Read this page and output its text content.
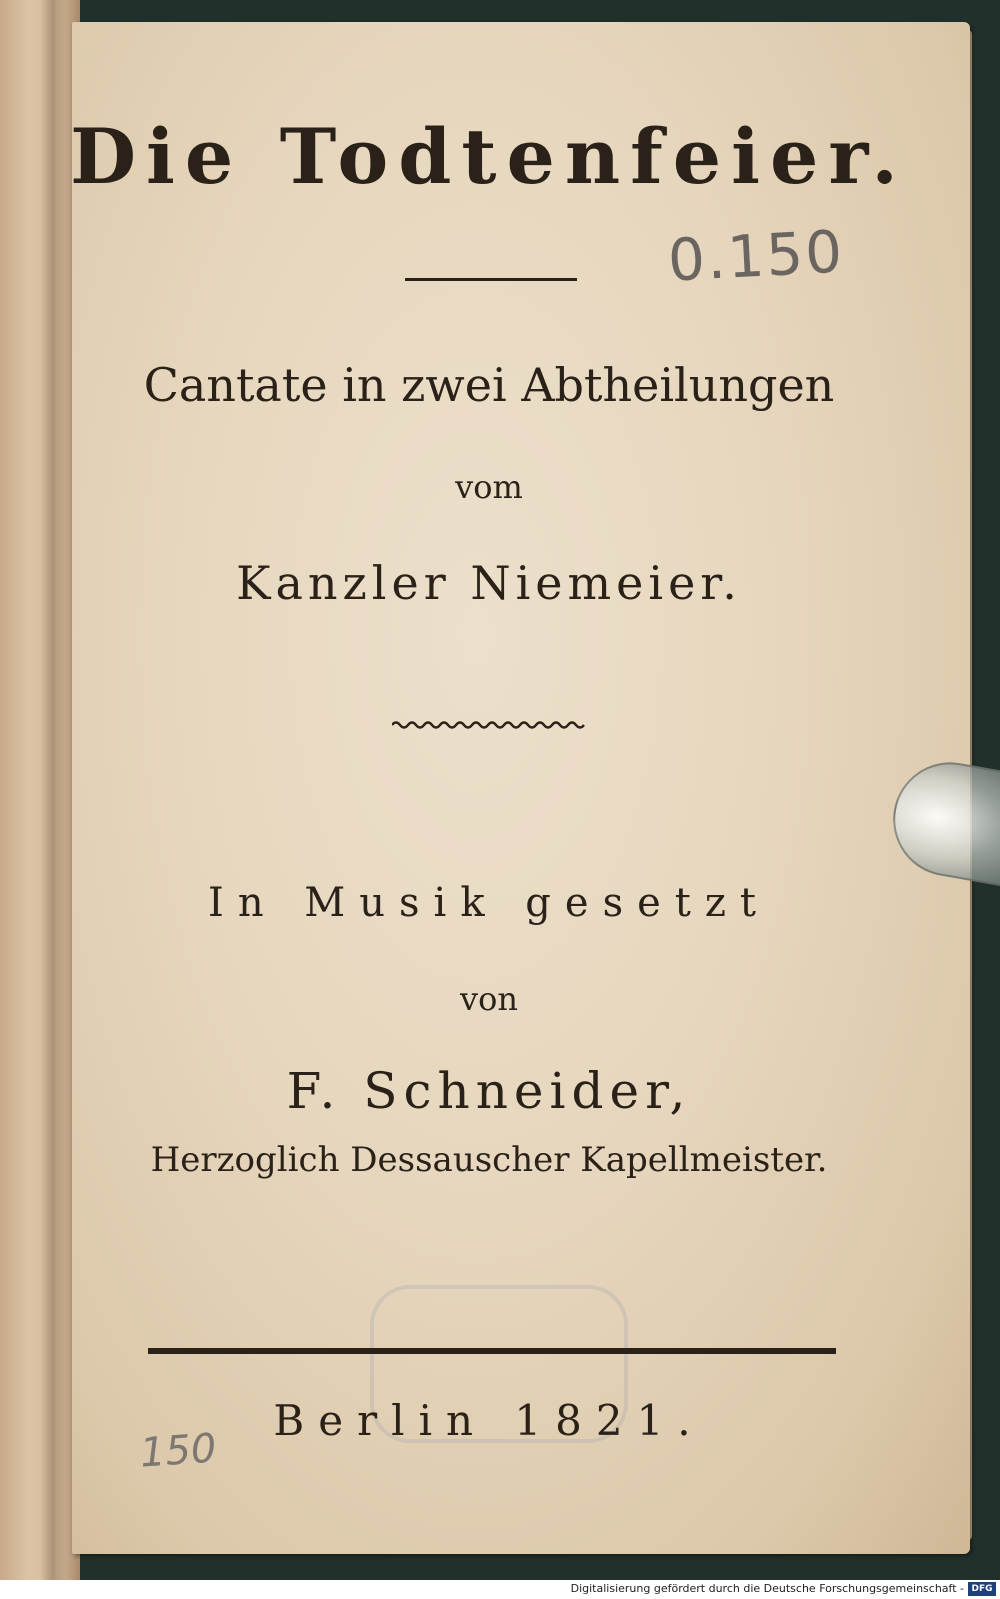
Die Todtenfeier.
0.150
Cantate in zwei Abtheilungen
vom
Kanzler Niemeier.
In Musik gesetzt
von
F. Schneider,
Herzoglich Dessauscher Kapellmeister.
Berlin 1821.
150
Digitalisierung gefördert durch die Deutsche Forschungsgemeinschaft - DFG
